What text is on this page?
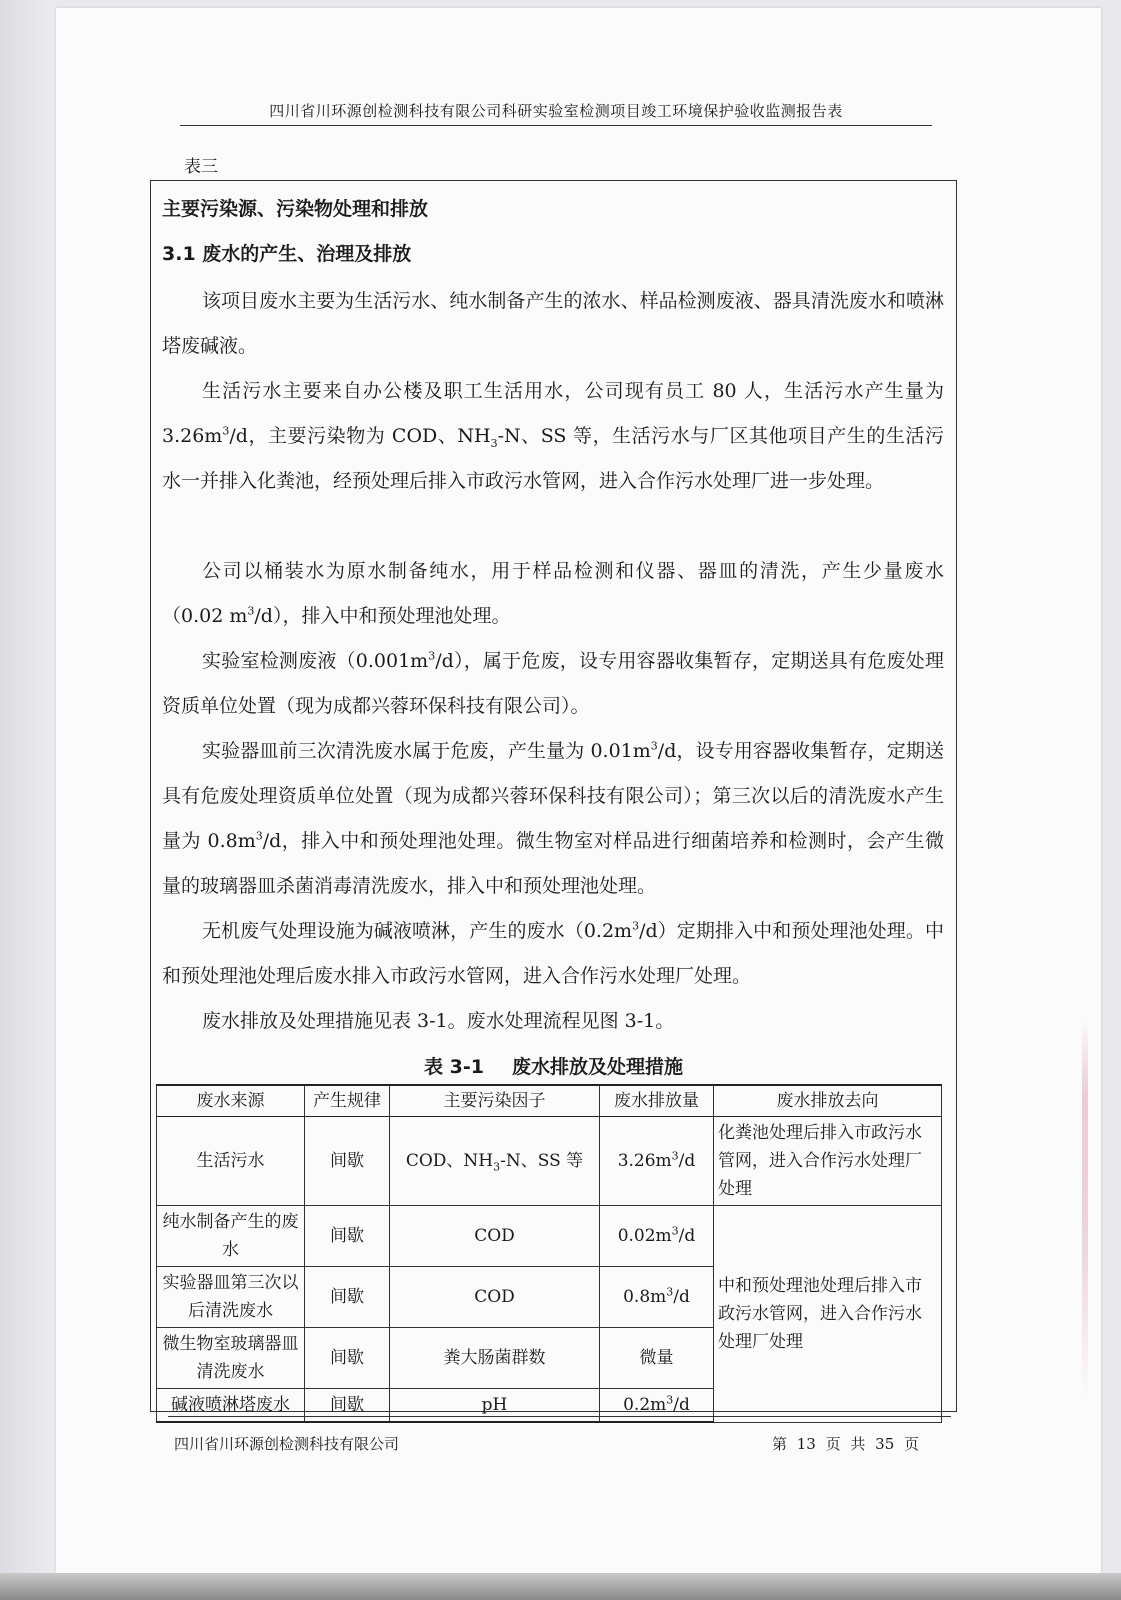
四川省川环源创检测科技有限公司科研实验室检测项目竣工环境保护验收监测报告表
表三
主要污染源、污染物处理和排放
3.1 废水的产生、治理及排放
该项目废水主要为生活污水、纯水制备产生的浓水、样品检测废液、器具清洗废水和喷淋塔废碱液。
生活污水主要来自办公楼及职工生活用水，公司现有员工 80 人，生活污水产生量为 $3.26m^3/d$，主要污染物为 COD、$NH_3-N$、SS 等，生活污水与厂区其他项目产生的生活污水一并排入化粪池，经预处理后排入市政污水管网，进入合作污水处理厂进一步处理。
公司以桶装水为原水制备纯水，用于样品检测和仪器、器皿的清洗，产生少量废水（0.02 $m^3/d$），排入中和预处理池处理。
实验室检测废液$(0.001m^3/d)$，属于危废，设专用容器收集暂存，定期送具有危废处理资质单位处置（现为成都兴蓉环保科技有限公司）。
实验器皿前三次清洗废水属于危废，产生量为 $0.01m^3/d$，设专用容器收集暂存，定期送具有危废处理资质单位处置（现为成都兴蓉环保科技有限公司）；第三次以后的清洗废水产生量为 $0.8m^3/d$，排入中和预处理池处理。微生物室对样品进行细菌培养和检测时，会产生微量的玻璃器皿杀菌消毒清洗废水，排入中和预处理池处理。
无机废气处理设施为碱液喷淋，产生的废水$(0.2m^3/d)$定期排入中和预处理池处理。中和预处理池处理后废水排入市政污水管网，进入合作污水处理厂处理。
废水排放及处理措施见表 3-1。废水处理流程见图 3-1。
表 3-1 废水排放及处理措施
废水来源	产生规律	主要污染因子	废水排放量	废水排放去向
生活污水	间歇	COD、$NH_3-N$、SS 等	$3.26m^3/d$	化粪池处理后排入市政污水管网，进入合作污水处理厂处理
纯水制备产生的废水	间歇	COD	$0.02m^3/d$	中和预处理池处理后排入市政污水管网，进入合作污水处理厂处理
实验器皿第三次以后清洗废水	间歇	COD	$0.8m^3/d$	
微生物室玻璃器皿清洗废水	间歇	粪大肠菌群数	微量	
碱液喷淋塔废水	间歇	pH	$0.2m^3/d$	
四川省川环源创检测科技有限公司	第 13 页 共 35 页
